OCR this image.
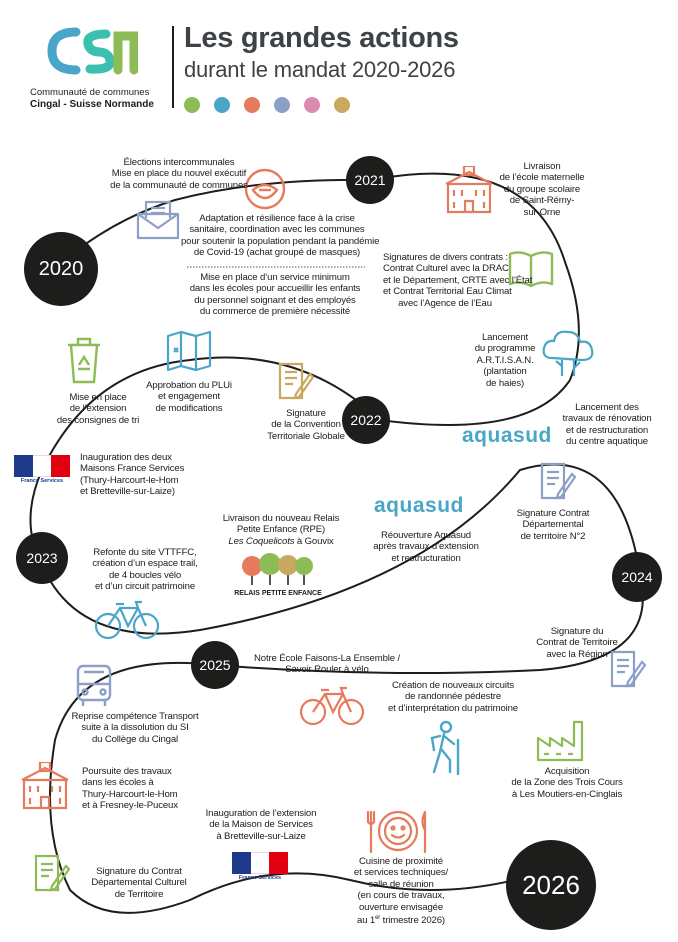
Communauté de communes
Cingal - Suisse Normande
Les grandes actions
durant le mandat 2020-2026
2020
2021
2022
2023
2024
2025
2026
aquasud
aquasud
France Services
France Services
RELAIS PETITE ENFANCE
Élections intercommunales
Mise en place du nouvel exécutif
de la communauté de communes
Adaptation et résilience face à la crise
sanitaire, coordination avec les communes
pour soutenir la population pendant la pandémie
de Covid-19 (achat groupé de masques)
Mise en place d’un service minimum
dans les écoles pour accueillir les enfants
du personnel soignant et des employés
du commerce de première nécessité
Livraison
de l’école maternelle
du groupe scolaire
de Saint-Rémy-
sur-Orne
Signatures de divers contrats :
Contrat Culturel avec la DRAC
et le Département, CRTE avec l’État
et Contrat Territorial Eau Climat
avec l’Agence de l’Eau
Lancement
du programme
A.R.T.I.S.A.N.
(plantation
de haies)
Lancement des
travaux de rénovation
et de restructuration
du centre aquatique
Mise en place
de l’extension
des consignes de tri
Approbation du PLUi
et engagement
de modifications	Signature
de la Convention
Territoriale Globale
Inauguration des deux
Maisons France Services
(Thury-Harcourt-le-Hom
et Bretteville-sur-Laize)
Livraison du nouveau Relais
Petite Enfance (RPE)
Les Coquelicots à Gouvix
Réouverture Aquasud
après travaux d’extension
et restructuration
Signature Contrat
Départemental
de territoire N°2
Refonte du site VTTFFC,
création d’un espace trail,
de 4 boucles vélo
et d’un circuit patrimoine
Signature du
Contrat de Territoire
avec la Région
Notre École Faisons-La Ensemble /
Savoir Rouler à vélo
Création de nouveaux circuits
de randonnée pédestre
et d’interprétation du patrimoine
Reprise compétence Transport
suite à la dissolution du SI
du Collège du Cingal
Acquisition
de la Zone des Trois Cours
à Les Moutiers-en-Cinglais
Poursuite des travaux
dans les écoles à
Thury-Harcourt-le-Hom
et à Fresney-le-Puceux
Inauguration de l’extension
de la Maison de Services
à Bretteville-sur-Laize
Signature du Contrat
Départemental Culturel
de Territoire
Cuisine de proximité
et services techniques/
salle de réunion
(en cours de travaux,
ouverture envisagée
au 1er trimestre 2026)
